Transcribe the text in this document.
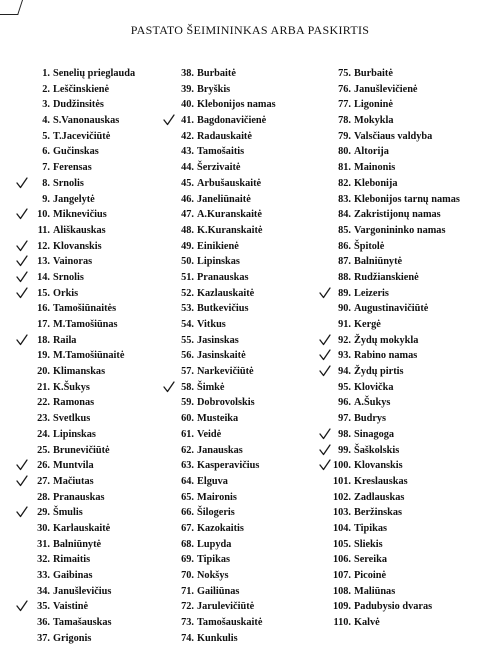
PASTATO ŠEIMININKAS ARBA PASKIRTIS
1. Senelių prieglauda
2. Leščinskienė
3. Dudžinsitės
4. S.Vanonauskas
5. T.Jacevičiūtė
6. Gučinskas
7. Ferensas
8. Srnolis
9. Jangelytė
10. Miknevičius
11. Ališkauskas
12. Klovanskis
13. Vainoras
14. Srnolis
15. Orkis
16. Tamošiūnaitės
17. M.Tamošiūnas
18. Raila
19. M.Tamošiūnaitė
20. Klimanskas
21. K.Šukys
22. Ramonas
23. Svetlkus
24. Lipinskas
25. Brunevičiūtė
26. Muntvila
27. Mačiutas
28. Pranauskas
29. Šmulis
30. Karlauskaitė
31. Balniūnytė
32. Rimaitis
33. Gaibinas
34. Janušlevičius
35. Vaistinė
36. Tamašauskas
37. Grigonis
38. Burbaitė
39. Bryškis
40. Klebonijos namas
41. Bagdonavičienė
42. Radauskaitė
43. Tamošaitis
44. Šerzivaitė
45. Arbušauskaitė
46. Janeliūnaitė
47. A.Kuranskaitė
48. K.Kuranskaitė
49. Einikienė
50. Lipinskas
51. Pranauskas
52. Kazlauskaitė
53. Butkevičius
54. Vitkus
55. Jasinskas
56. Jasinskaitė
57. Narkevičiūtė
58. Šimkė
59. Dobrovolskis
60. Musteika
61. Veidė
62. Janauskas
63. Kasperavičius
64. Elguva
65. Maironis
66. Šilogeris
67. Kazokaitis
68. Lupyda
69. Tipikas
70. Nokšys
71. Gailiūnas
72. Jarulevičiūtė
73. Tamošauskaitė
74. Kunkulis
75. Burbaitė
76. Janušlevičienė
77. Ligoninė
78. Mokykla
79. Valsčiaus valdyba
80. Altorija
81. Mainonis
82. Klebonija
83. Klebonijos tarnų namas
84. Zakristijonų namas
85. Vargonininko namas
86. Špitolė
87. Balniūnytė
88. Rudžianskienė
89. Leizeris
90. Augustinavičiūtė
91. Kergė
92. Žydų mokykla
93. Rabino namas
94. Žydų pirtis
95. Klovička
96. A.Šukys
97. Budrys
98. Sinagoga
99. Šaškolskis
100. Klovanskis
101. Kreslauskas
102. Zadlauskas
103. Beržinskas
104. Tipikas
105. Sliekis
106. Sereika
107. Picoinė
108. Maliūnas
109. Padubysio dvaras
110. Kalvė
